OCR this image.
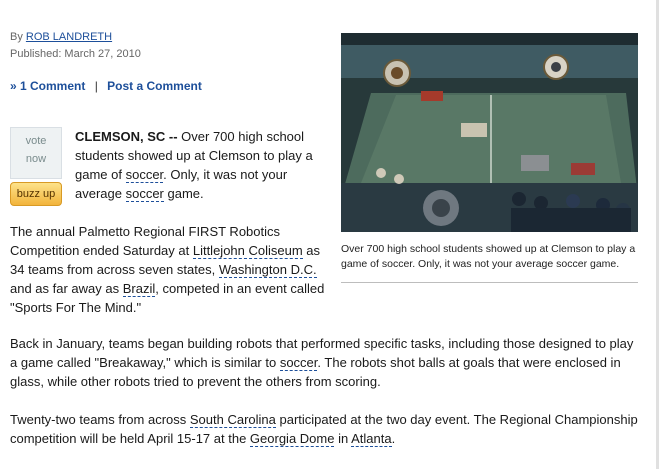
By ROB LANDRETH
Published: March 27, 2010
» 1 Comment | Post a Comment
vote
now
buzz up
CLEMSON, SC -- Over 700 high school students showed up at Clemson to play a game of soccer. Only, it was not your average soccer game.
The annual Palmetto Regional FIRST Robotics Competition ended Saturday at Littlejohn Coliseum as 34 teams from across seven states, Washington D.C. and as far away as Brazil, competed in an event called "Sports For The Mind."
Over 700 high school students showed up at Clemson to play a game of soccer. Only, it was not your average soccer game.
Back in January, teams began building robots that performed specific tasks, including those designed to play a game called "Breakaway," which is similar to soccer. The robots shot balls at goals that were enclosed in glass, while other robots tried to prevent the others from scoring.
Twenty-two teams from across South Carolina participated at the two day event. The Regional Championship competition will be held April 15-17 at the Georgia Dome in Atlanta.
